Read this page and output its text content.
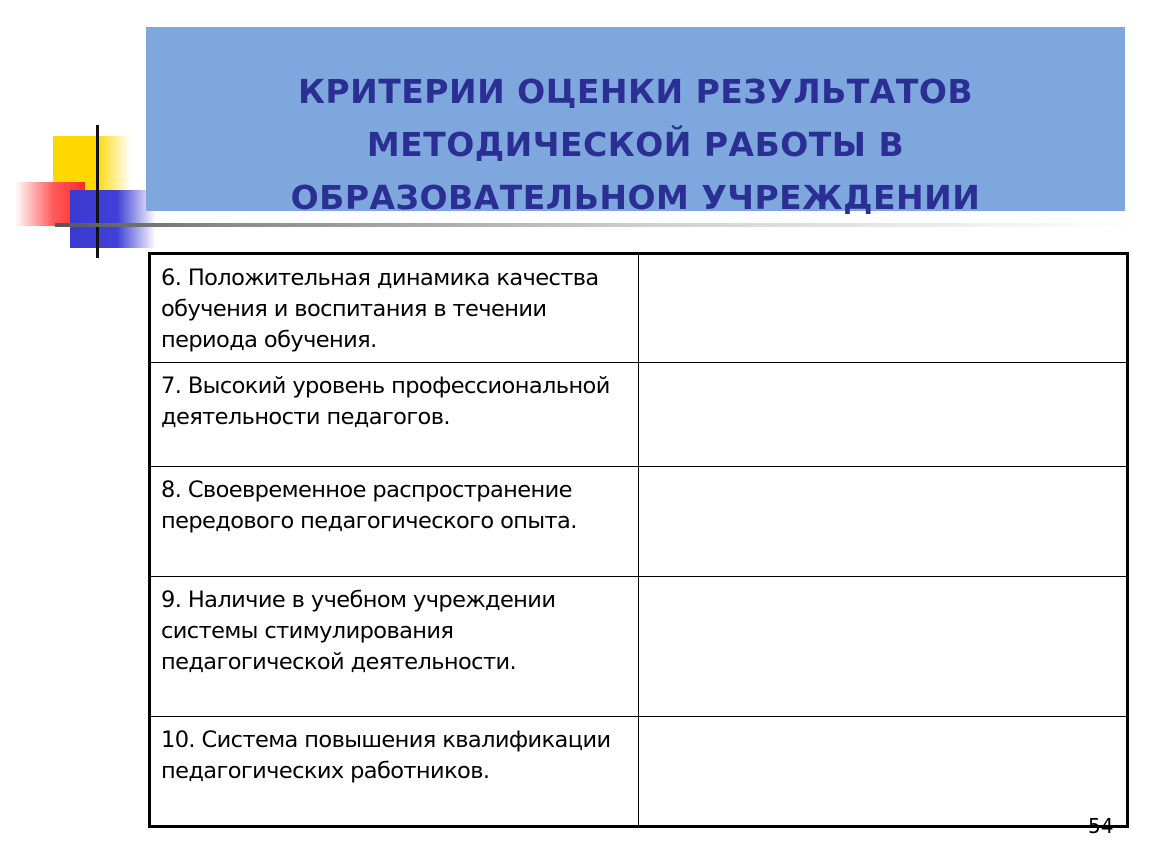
КРИТЕРИИ ОЦЕНКИ РЕЗУЛЬТАТОВ
МЕТОДИЧЕСКОЙ РАБОТЫ В
ОБРАЗОВАТЕЛЬНОМ УЧРЕЖДЕНИИ
6. Положительная динамика качества обучения и воспитания в течении периода обучения.	
7. Высокий уровень профессиональной деятельности педагогов.	
8. Своевременное распространение передового педагогического опыта.	
9. Наличие в учебном учреждении системы стимулирования педагогической деятельности.	
10. Система повышения квалификации педагогических работников.	
54
